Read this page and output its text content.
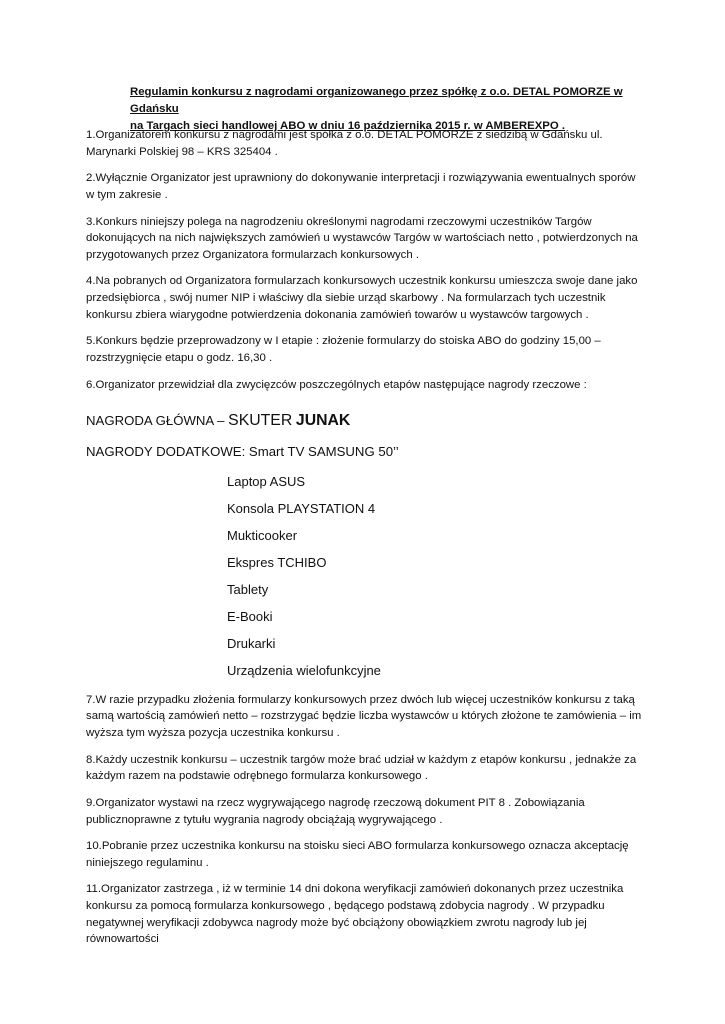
Regulamin konkursu z nagrodami organizowanego przez spółkę z o.o. DETAL POMORZE w Gdańsku
na Targach sieci handlowej ABO w dniu 16 października 2015 r. w AMBEREXPO .

1.Organizatorem konkursu z nagrodami jest spółka z o.o. DETAL POMORZE z siedzibą w Gdańsku ul. Marynarki Polskiej 98 – KRS 325404 .

2.Wyłącznie Organizator jest uprawniony do dokonywanie interpretacji i rozwiązywania ewentualnych sporów w tym zakresie .

3.Konkurs niniejszy polega na nagrodzeniu określonymi nagrodami rzeczowymi uczestników Targów dokonujących na nich największych zamówień u wystawców Targów w wartościach netto , potwierdzonych na przygotowanych przez Organizatora formularzach konkursowych .

4.Na pobranych od Organizatora formularzach konkursowych uczestnik konkursu umieszcza swoje dane jako przedsiębiorca , swój numer NIP i właściwy dla siebie urząd skarbowy . Na formularzach tych uczestnik konkursu zbiera wiarygodne potwierdzenia dokonania zamówień towarów u wystawców targowych .

5.Konkurs będzie przeprowadzony w I etapie : złożenie formularzy do stoiska ABO do godziny 15,00 – rozstrzygnięcie etapu o godz. 16,30 .

6.Organizator przewidział dla zwycięzców poszczególnych etapów następujące nagrody rzeczowe :

NAGRODA GŁÓWNA – SKUTER JUNAK
NAGRODY DODATKOWE: Smart TV SAMSUNG 50’’
Laptop ASUS
Konsola PLAYSTATION 4
Mukticooker
Ekspres TCHIBO
Tablety
E-Booki
Drukarki
Urządzenia wielofunkcyjne

7.W razie przypadku złożenia formularzy konkursowych przez dwóch lub więcej uczestników konkursu z taką samą wartością zamówień netto – rozstrzygać będzie liczba wystawców u których złożone te zamówienia – im wyższa tym wyższa pozycja uczestnika konkursu .

8.Każdy uczestnik konkursu – uczestnik targów może brać udział w każdym z etapów konkursu , jednakże za każdym razem na podstawie odrębnego formularza konkursowego .

9.Organizator wystawi na rzecz wygrywającego nagrodę rzeczową dokument PIT 8 . Zobowiązania publicznoprawne z tytułu wygrania nagrody obciążają wygrywającego .

10.Pobranie przez uczestnika konkursu na stoisku sieci ABO formularza konkursowego oznacza akceptację niniejszego regulaminu .

11.Organizator zastrzega , iż w terminie 14 dni dokona weryfikacji zamówień dokonanych przez uczestnika konkursu za pomocą formularza konkursowego , będącego podstawą zdobycia nagrody . W przypadku negatywnej weryfikacji zdobywca nagrody może być obciążony obowiązkiem zwrotu nagrody lub jej równowartości
